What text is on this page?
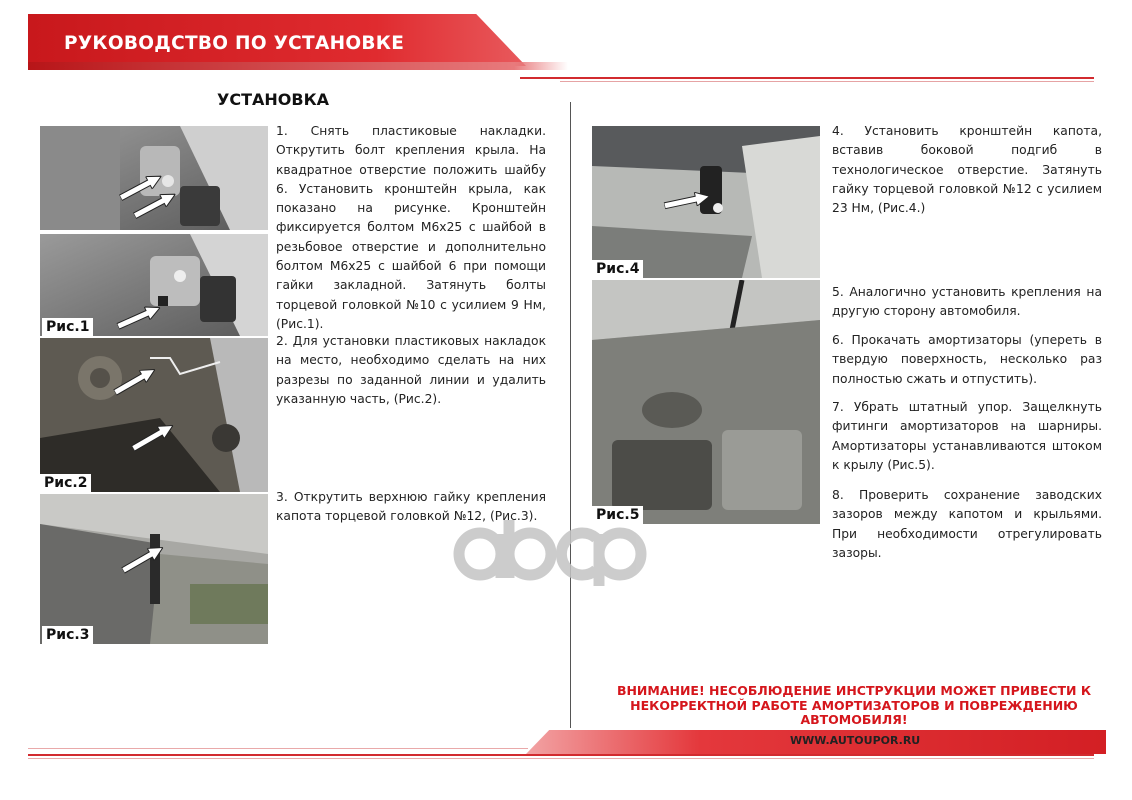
РУКОВОДСТВО ПО УСТАНОВКЕ
УСТАНОВКА
Рис.1
Рис.2
Рис.3
1. Снять пластиковые накладки. Открутить болт крепления крыла. На квадратное отверстие положить шайбу 6. Установить кронштейн крыла, как показано на рисунке. Кронштейн фиксируется болтом М6х25 с шайбой в резьбовое отверстие и дополнительно болтом М6х25 с шайбой 6 при помощи гайки закладной. Затянуть болты торцевой головкой №10 с усилием 9 Нм, (Рис.1).
2. Для установки пластиковых накладок на место, необходимо сделать на них разрезы по заданной линии и удалить указанную часть, (Рис.2).
3. Открутить верхнюю гайку крепления капота торцевой головкой №12, (Рис.3).
Рис.4
Рис.5
4. Установить кронштейн капота, вставив боковой подгиб в технологическое отверстие. Затянуть гайку торцевой головкой №12 с усилием 23 Нм, (Рис.4.)
5. Аналогично установить крепления на другую сторону автомобиля.
6. Прокачать амортизаторы (упереть в твердую поверхность, несколько раз полностью сжать и отпустить).
7. Убрать штатный упор. Защелкнуть фитинги амортизаторов на шарниры. Амортизаторы устанавливаются штоком к крылу (Рис.5).
8. Проверить сохранение заводских зазоров между капотом и крыльями. При необходимости отрегулировать зазоры.
ВНИМАНИЕ! НЕСОБЛЮДЕНИЕ ИНСТРУКЦИИ МОЖЕТ ПРИВЕСТИ К НЕКОРРЕКТНОЙ РАБОТЕ АМОРТИЗАТОРОВ И ПОВРЕЖДЕНИЮ АВТОМОБИЛЯ!
WWW.AUTOUPOR.RU
